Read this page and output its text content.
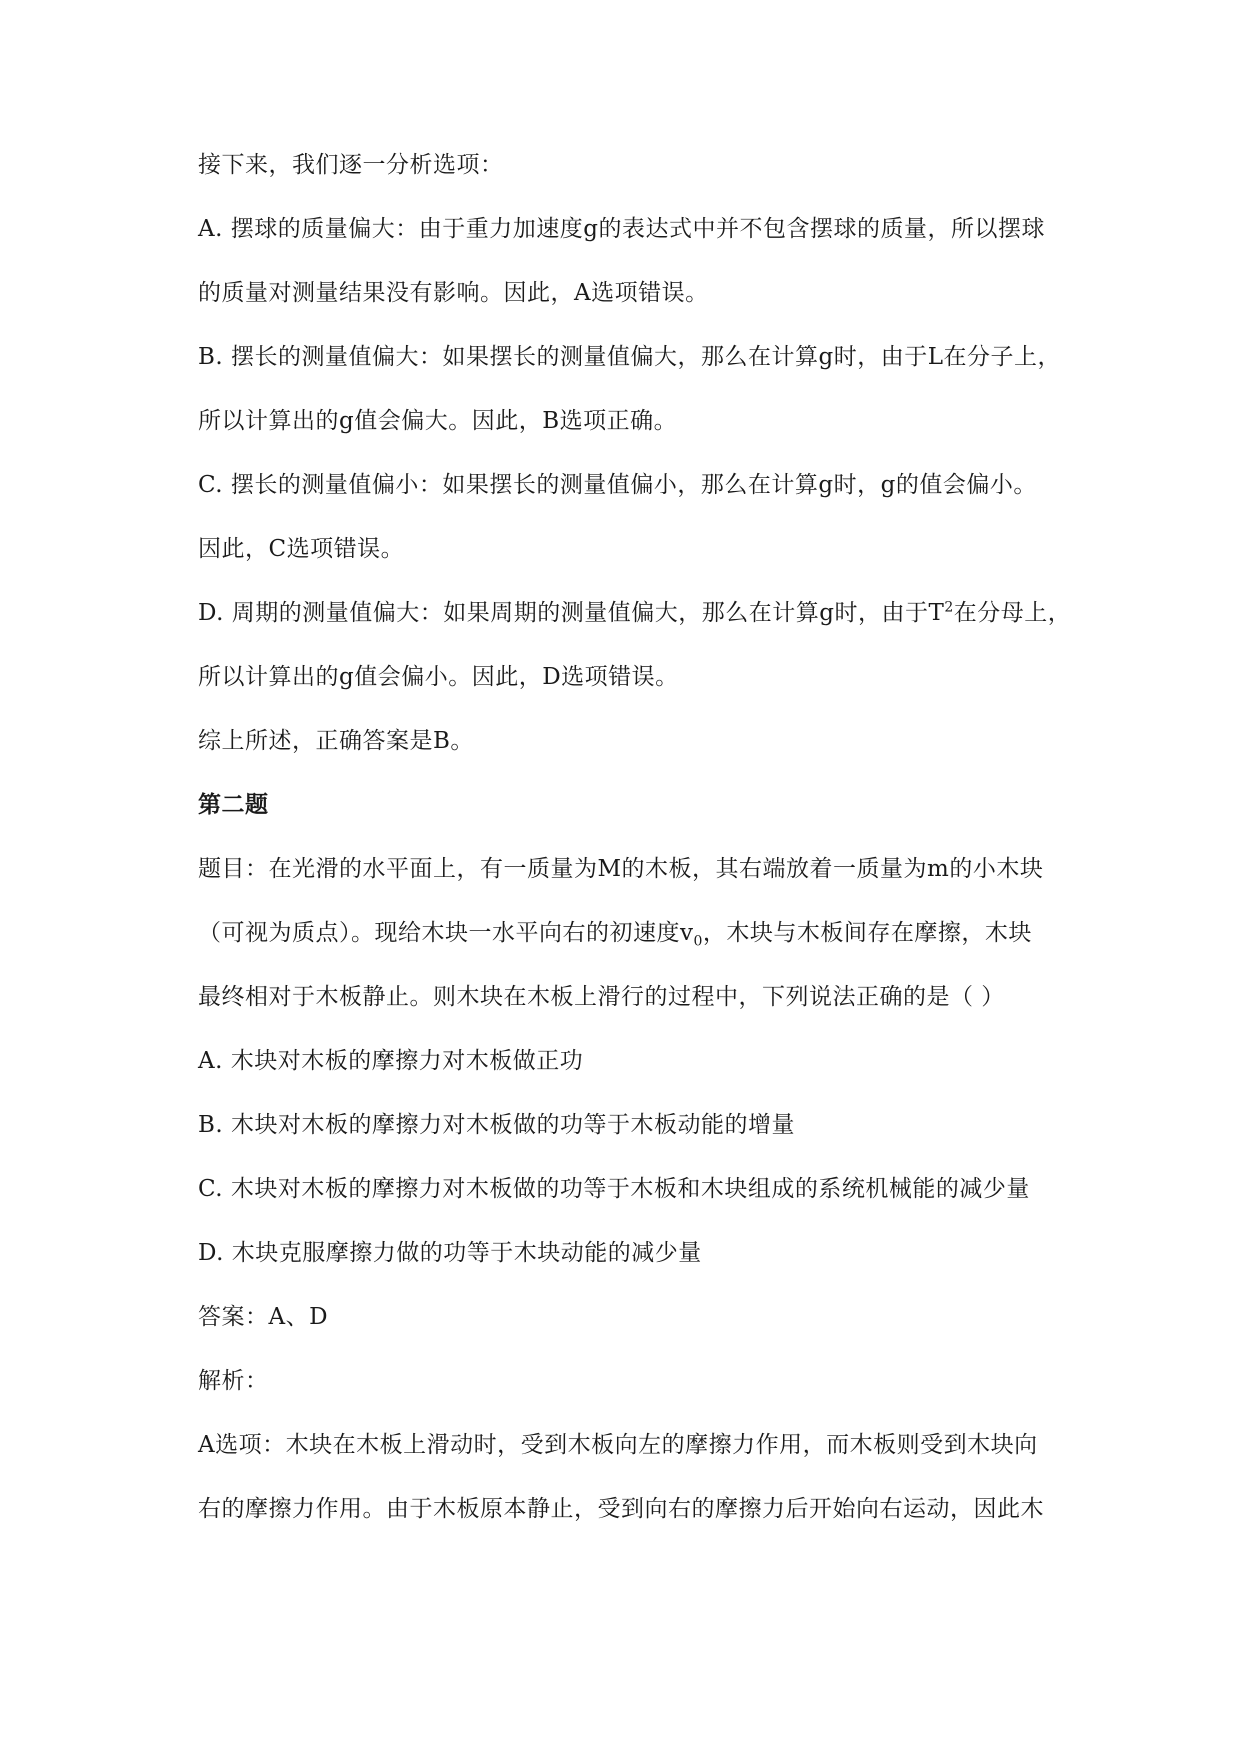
接下来，我们逐一分析选项：
A. 摆球的质量偏大：由于重力加速度g的表达式中并不包含摆球的质量，所以摆球
的质量对测量结果没有影响。因此，A选项错误。
B. 摆长的测量值偏大：如果摆长的测量值偏大，那么在计算g时，由于L在分子上，
所以计算出的g值会偏大。因此，B选项正确。
C. 摆长的测量值偏小：如果摆长的测量值偏小，那么在计算g时，g的值会偏小。
因此，C选项错误。
D. 周期的测量值偏大：如果周期的测量值偏大，那么在计算g时，由于$T^2$在分母上，
所以计算出的g值会偏小。因此，D选项错误。
综上所述，正确答案是B。
第二题
题目：在光滑的水平面上，有一质量为M的木板，其右端放着一质量为m的小木块
（可视为质点）。现给木块一水平向右的初速度$v_0$，木块与木板间存在摩擦，木块
最终相对于木板静止。则木块在木板上滑行的过程中，下列说法正确的是（ ）
A. 木块对木板的摩擦力对木板做正功
B. 木块对木板的摩擦力对木板做的功等于木板动能的增量
C. 木块对木板的摩擦力对木板做的功等于木板和木块组成的系统机械能的减少量
D. 木块克服摩擦力做的功等于木块动能的减少量
答案：A、D
解析：
A选项：木块在木板上滑动时，受到木板向左的摩擦力作用，而木板则受到木块向
右的摩擦力作用。由于木板原本静止，受到向右的摩擦力后开始向右运动，因此木
